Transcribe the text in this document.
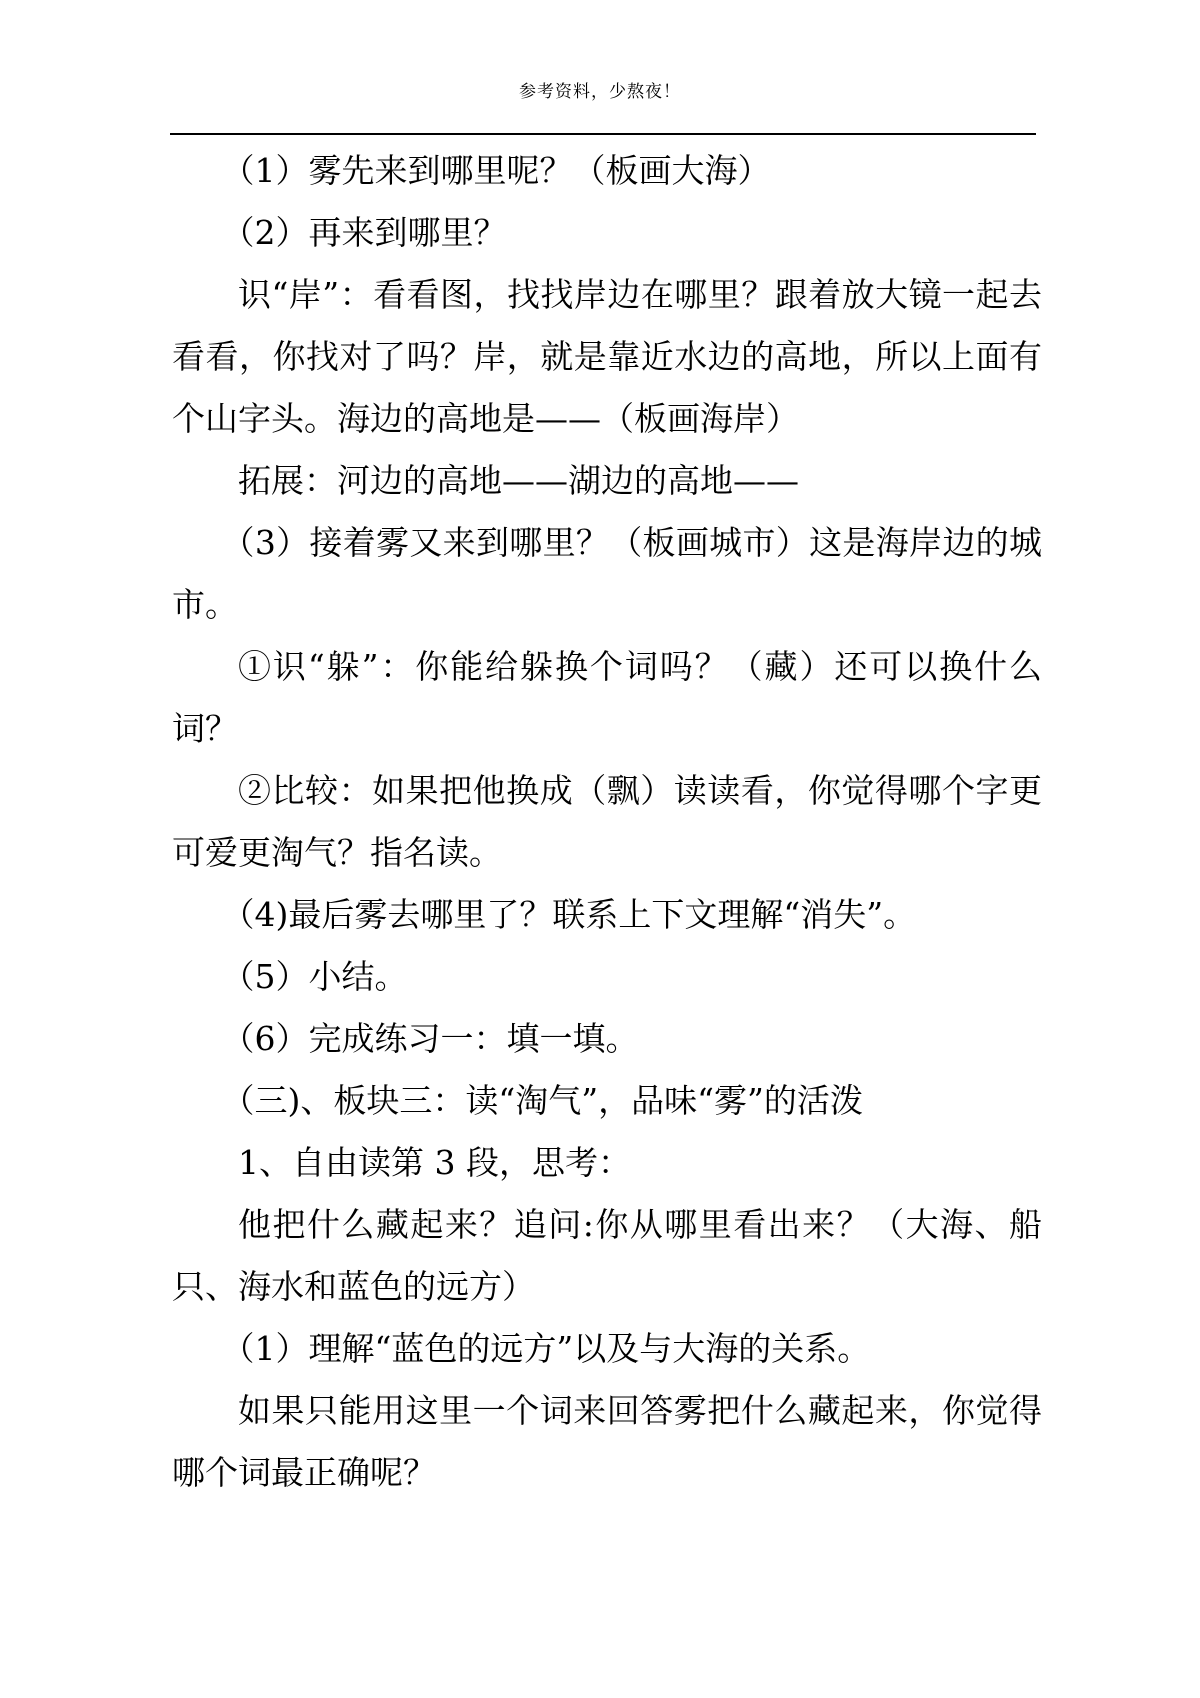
参考资料，少熬夜！

（1）雾先来到哪里呢？（板画大海）

（2）再来到哪里？

识“岸”：看看图，找找岸边在哪里？跟着放大镜一起去看看，你找对了吗？岸，就是靠近水边的高地，所以上面有个山字头。海边的高地是——（板画海岸）

拓展：河边的高地——湖边的高地——

（3）接着雾又来到哪里？（板画城市）这是海岸边的城市。

①识“躲”：你能给躲换个词吗？（藏）还可以换什么词？

②比较：如果把他换成（飘）读读看，你觉得哪个字更可爱更淘气？指名读。

（4)最后雾去哪里了？联系上下文理解“消失”。

（5）小结。

（6）完成练习一：填一填。

（三)、板块三：读“淘气”，品味“雾”的活泼

1、自由读第 3 段，思考：

他把什么藏起来？追问:你从哪里看出来？（大海、船只、海水和蓝色的远方）

（1）理解“蓝色的远方”以及与大海的关系。

如果只能用这里一个词来回答雾把什么藏起来，你觉得哪个词最正确呢？
